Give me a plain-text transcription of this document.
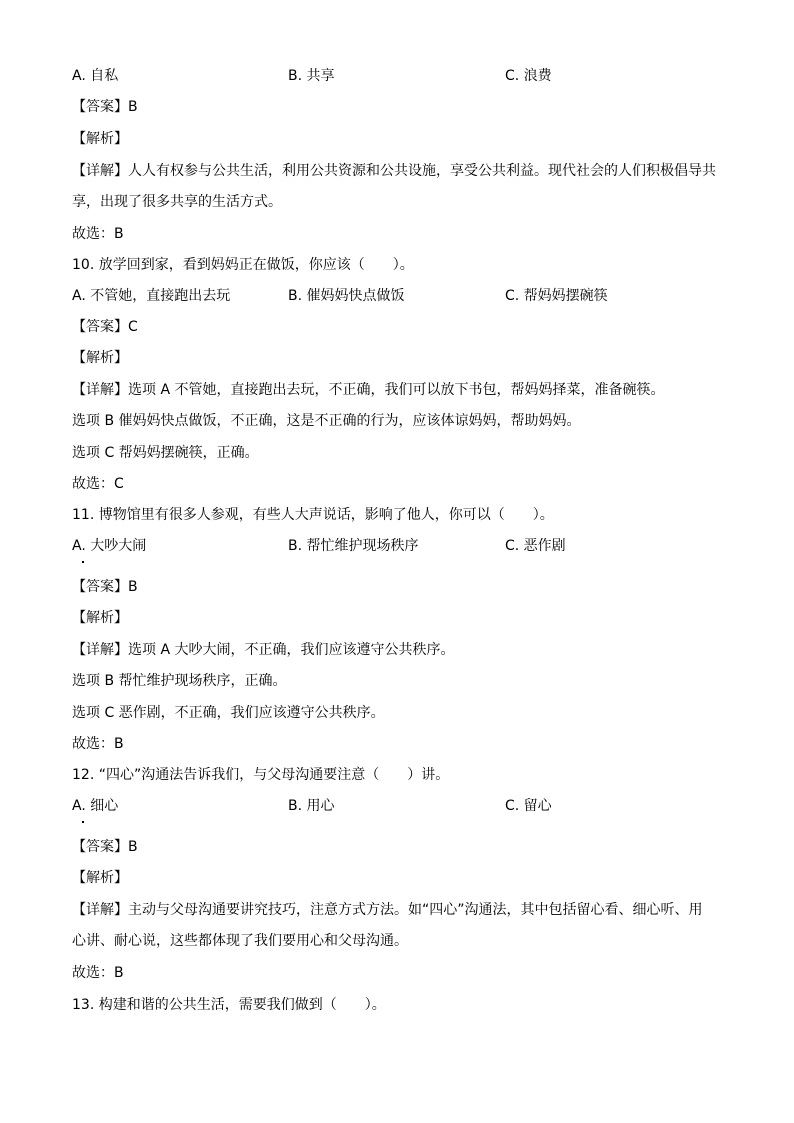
A. 自私	B. 共享	C. 浪费
【答案】B
【解析】
【详解】人人有权参与公共生活，利用公共资源和公共设施，享受公共利益。现代社会的人们积极倡导共
享，出现了很多共享的生活方式。
故选：B
10. 放学回到家，看到妈妈正在做饭，你应该（　　）。
A. 不管她，直接跑出去玩	B. 催妈妈快点做饭	C. 帮妈妈摆碗筷
【答案】C
【解析】
【详解】选项 A 不管她，直接跑出去玩，不正确，我们可以放下书包，帮妈妈择菜，准备碗筷。
选项 B 催妈妈快点做饭，不正确，这是不正确的行为，应该体谅妈妈，帮助妈妈。
选项 C 帮妈妈摆碗筷，正确。
故选：C
11. 博物馆里有很多人参观，有些人大声说话，影响了他人，你可以（　　）。
A. 大吵大闹	B. 帮忙维护现场秩序	C. 恶作剧
【答案】B
【解析】
【详解】选项 A 大吵大闹，不正确，我们应该遵守公共秩序。
选项 B 帮忙维护现场秩序，正确。
选项 C 恶作剧，不正确，我们应该遵守公共秩序。
故选：B
12. “四心”沟通法告诉我们，与父母沟通要注意（　　）讲。
A. 细心	B. 用心	C. 留心
【答案】B
【解析】
【详解】主动与父母沟通要讲究技巧，注意方式方法。如“四心”沟通法，其中包括留心看、细心听、用
心讲、耐心说，这些都体现了我们要用心和父母沟通。
故选：B
13. 构建和谐的公共生活，需要我们做到（　　）。
